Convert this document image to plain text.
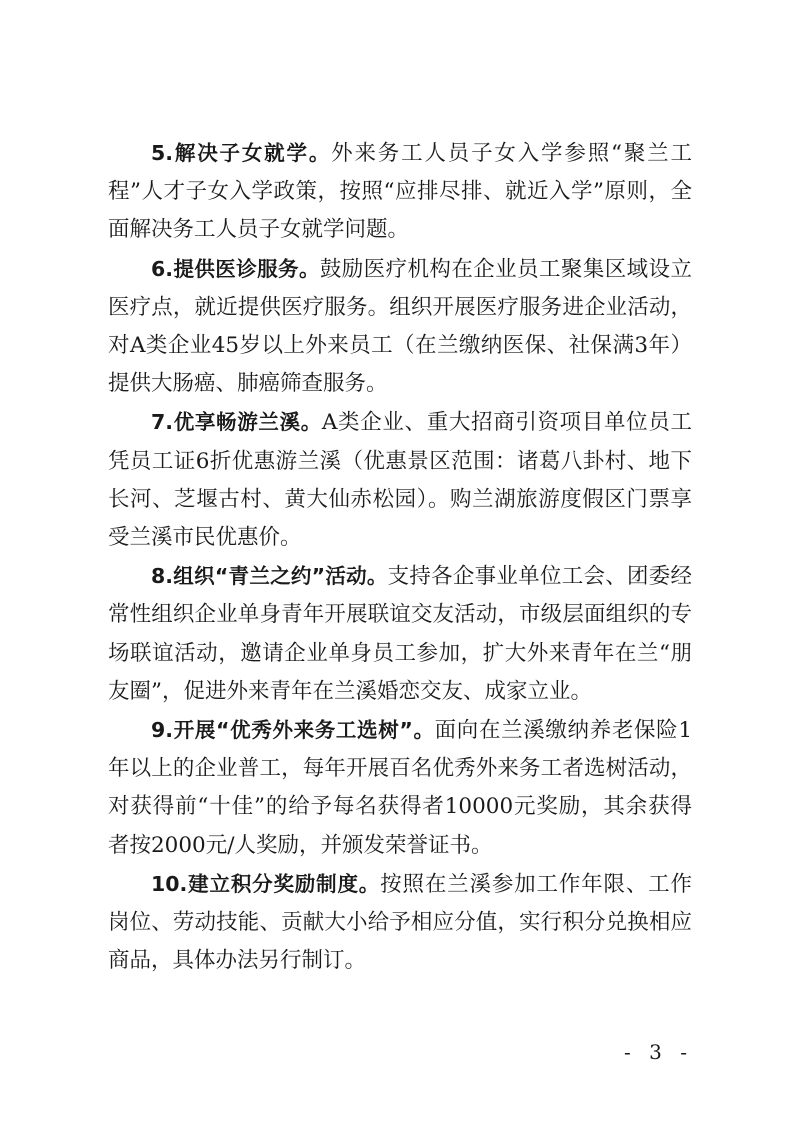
5.解决子女就学。外来务工人员子女入学参照“聚兰工程”人才子女入学政策，按照“应排尽排、就近入学”原则，全面解决务工人员子女就学问题。

6.提供医诊服务。鼓励医疗机构在企业员工聚集区域设立医疗点，就近提供医疗服务。组织开展医疗服务进企业活动，对A类企业45岁以上外来员工（在兰缴纳医保、社保满3年）提供大肠癌、肺癌筛查服务。

7.优享畅游兰溪。A类企业、重大招商引资项目单位员工凭员工证6折优惠游兰溪（优惠景区范围：诸葛八卦村、地下长河、芝堰古村、黄大仙赤松园）。购兰湖旅游度假区门票享受兰溪市民优惠价。

8.组织“青兰之约”活动。支持各企事业单位工会、团委经常性组织企业单身青年开展联谊交友活动，市级层面组织的专场联谊活动，邀请企业单身员工参加，扩大外来青年在兰“朋友圈”，促进外来青年在兰溪婚恋交友、成家立业。

9.开展“优秀外来务工选树”。面向在兰溪缴纳养老保险1年以上的企业普工，每年开展百名优秀外来务工者选树活动，对获得前“十佳”的给予每名获得者10000元奖励，其余获得者按2000元/人奖励，并颁发荣誉证书。

10.建立积分奖励制度。按照在兰溪参加工作年限、工作岗位、劳动技能、贡献大小给予相应分值，实行积分兑换相应商品，具体办法另行制订。

- 3 -
